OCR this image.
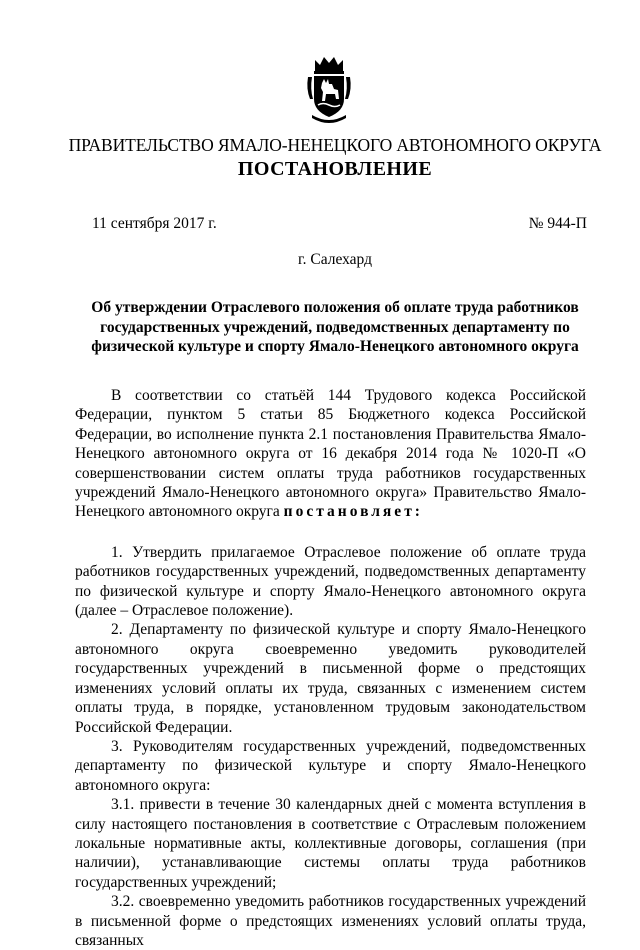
ПРАВИТЕЛЬСТВО ЯМАЛО-НЕНЕЦКОГО АВТОНОМНОГО ОКРУГА
ПОСТАНОВЛЕНИЕ
11 сентября 2017 г.	№ 944-П
г. Салехард
Об утверждении Отраслевого положения об оплате труда работников государственных учреждений, подведомственных департаменту по физической культуре и спорту Ямало-Ненецкого автономного округа

В соответствии со статьёй 144 Трудового кодекса Российской Федерации, пунктом 5 статьи 85 Бюджетного кодекса Российской Федерации, во исполнение пункта 2.1 постановления Правительства Ямало-Ненецкого автономного округа от 16 декабря 2014 года № 1020-П «О совершенствовании систем оплаты труда работников государственных учреждений Ямало-Ненецкого автономного округа» Правительство Ямало-Ненецкого автономного округа постановляет:

1. Утвердить прилагаемое Отраслевое положение об оплате труда работников государственных учреждений, подведомственных департаменту по физической культуре и спорту Ямало-Ненецкого автономного округа (далее – Отраслевое положение).

2. Департаменту по физической культуре и спорту Ямало-Ненецкого автономного округа своевременно уведомить руководителей государственных учреждений в письменной форме о предстоящих изменениях условий оплаты их труда, связанных с изменением систем оплаты труда, в порядке, установленном трудовым законодательством Российской Федерации.

3. Руководителям государственных учреждений, подведомственных департаменту по физической культуре и спорту Ямало-Ненецкого автономного округа:

3.1. привести в течение 30 календарных дней с момента вступления в силу настоящего постановления в соответствие с Отраслевым положением локальные нормативные акты, коллективные договоры, соглашения (при наличии), устанавливающие системы оплаты труда работников государственных учреждений;

3.2. своевременно уведомить работников государственных учреждений в письменной форме о предстоящих изменениях условий оплаты труда, связанных
